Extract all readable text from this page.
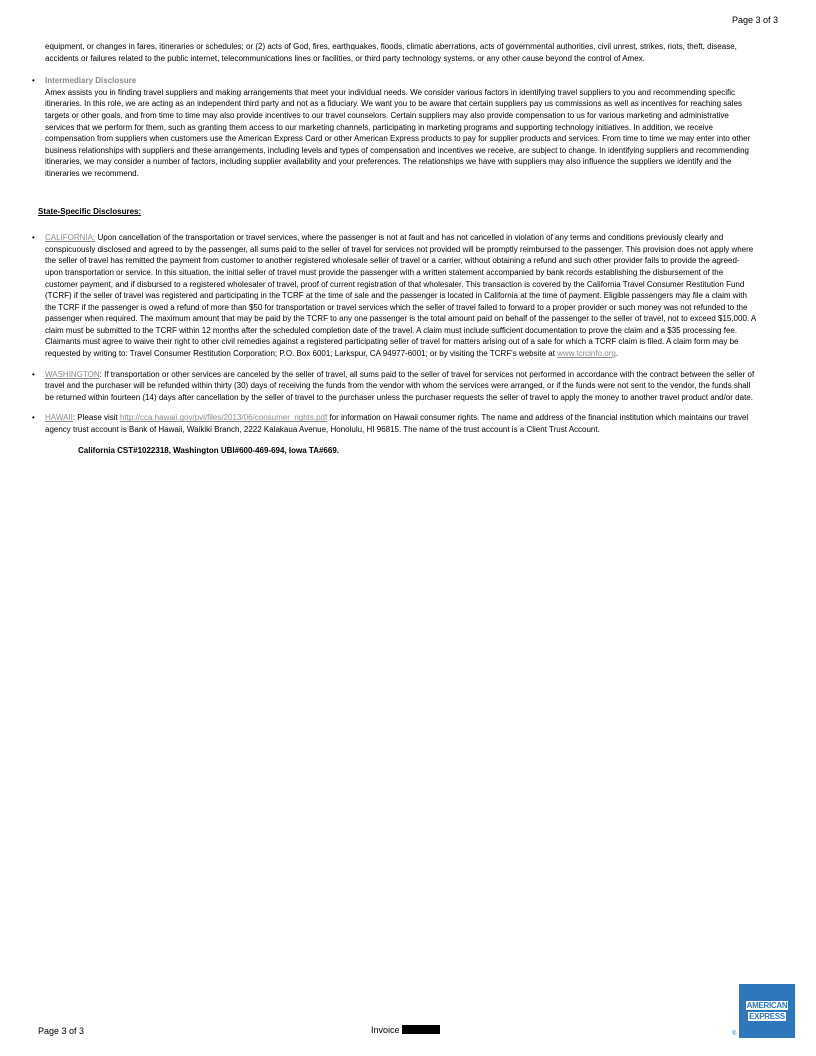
Page 3 of 3

equipment, or changes in fares, itineraries or schedules; or (2) acts of God, fires, earthquakes, floods, climatic aberrations, acts of governmental authorities, civil unrest, strikes, riots, theft, disease, accidents or failures related to the public internet, telecommunications lines or facilities, or third party technology systems, or any other cause beyond the control of Amex.

• Intermediary Disclosure

Amex assists you in finding travel suppliers and making arrangements that meet your individual needs. We consider various factors in identifying travel suppliers to you and recommending specific itineraries. In this role, we are acting as an independent third party and not as a fiduciary. We want you to be aware that certain suppliers pay us commissions as well as incentives for reaching sales targets or other goals, and from time to time may also provide incentives to our travel counselors. Certain suppliers may also provide compensation to us for various marketing and administrative services that we perform for them, such as granting them access to our marketing channels, participating in marketing programs and supporting technology initiatives. In addition, we receive compensation from suppliers when customers use the American Express Card or other American Express products to pay for supplier products and services. From time to time we may enter into other business relationships with suppliers and these arrangements, including levels and types of compensation and incentives we receive, are subject to change. In identifying suppliers and recommending itineraries, we may consider a number of factors, including supplier availability and your preferences. The relationships we have with suppliers may also influence the suppliers we identify and the itineraries we recommend.

State-Specific Disclosures:
• CALIFORNIA: Upon cancellation of the transportation or travel services, where the passenger is not at fault and has not cancelled in violation of any terms and conditions previously clearly and conspicuously disclosed and agreed to by the passenger, all sums paid to the seller of travel for services not provided will be promptly reimbursed to the passenger. This provision does not apply where the seller of travel has remitted the payment from customer to another registered wholesale seller of travel or a carrier, without obtaining a refund and such other provider fails to provide the agreed-upon transportation or service. In this situation, the initial seller of travel must provide the passenger with a written statement accompanied by bank records establishing the disbursement of the customer payment, and if disbursed to a registered wholesaler of travel, proof of current registration of that wholesaler. This transaction is covered by the California Travel Consumer Restitution Fund (TCRF) if the seller of travel was registered and participating in the TCRF at the time of sale and the passenger is located in California at the time of payment. Eligible passengers may file a claim with the TCRF if the passenger is owed a refund of more than $50 for transportation or travel services which the seller of travel failed to forward to a proper provider or such money was not refunded to the passenger when required. The maximum amount that may be paid by the TCRF to any one passenger is the total amount paid on behalf of the passenger to the seller of travel, not to exceed $15,000. A claim must be submitted to the TCRF within 12 months after the scheduled completion date of the travel. A claim must include sufficient documentation to prove the claim and a $35 processing fee. Claimants must agree to waive their right to other civil remedies against a registered participating seller of travel for matters arising out of a sale for which a TCRF claim is filed. A claim form may be requested by writing to: Travel Consumer Restitution Corporation; P.O. Box 6001; Larkspur, CA 94977-6001; or by visiting the TCRF's website at www.tcrcinfo.org.

• WASHINGTON: If transportation or other services are canceled by the seller of travel, all sums paid to the seller of travel for services not performed in accordance with the contract between the seller of travel and the purchaser will be refunded within thirty (30) days of receiving the funds from the vendor with whom the services were arranged, or if the funds were not sent to the vendor, the funds shall be returned within fourteen (14) days after cancellation by the seller of travel to the purchaser unless the purchaser requests the seller of travel to apply the money to another travel product and/or date.

• HAWAII: Please visit http://cca.hawaii.gov/pvl/files/2013/06/consumer_rights.pdf for information on Hawaii consumer rights. The name and address of the financial institution which maintains our travel agency trust account is Bank of Hawaii, Waikiki Branch, 2222 Kalakaua Avenue, Honolulu, HI 96815. The name of the trust account is a Client Trust Account.

California CST#1022318, Washington UBI#600-469-694, Iowa TA#669.
Page 3 of 3	Invoice
AMERICAN
EXPRESS
®
